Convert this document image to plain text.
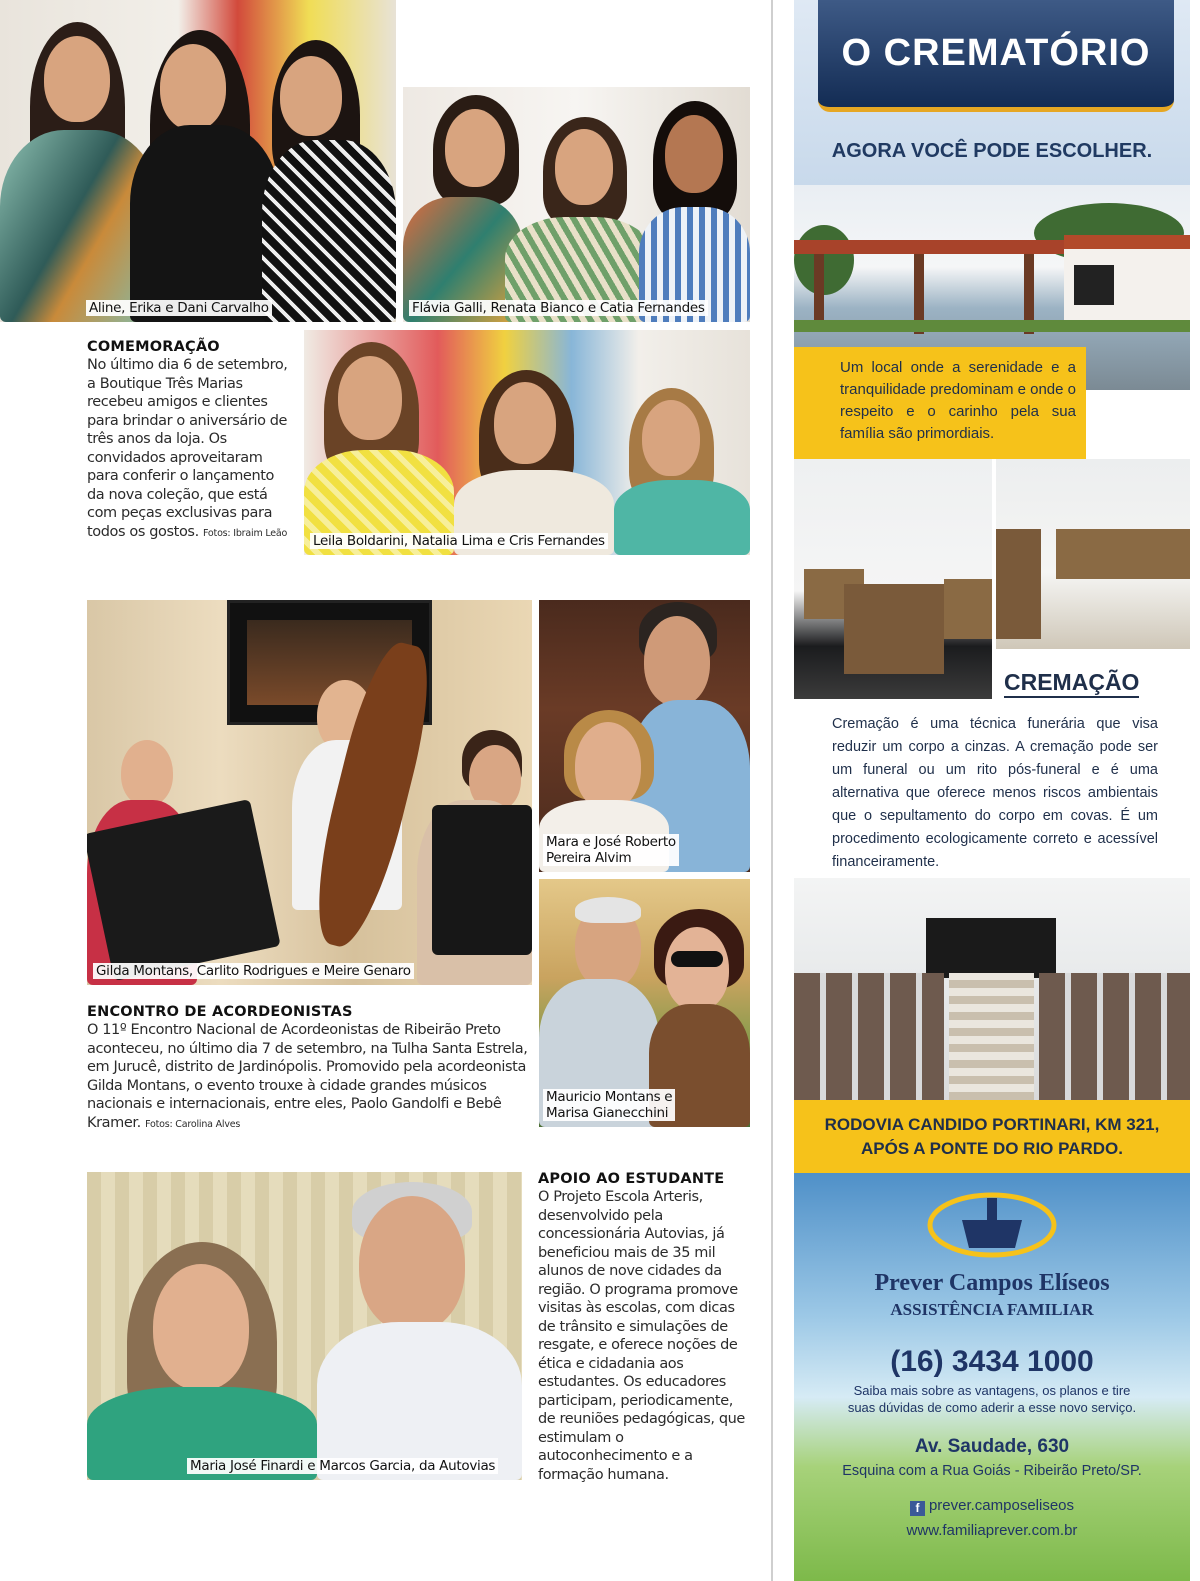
Aline, Erika e Dani Carvalho	Flávia Galli, Renata Bianco e Catia Fernandes
COMEMORAÇÃO

No último dia 6 de setembro, a Boutique Três Marias recebeu amigos e clientes para brindar o aniversário de três anos da loja. Os convidados aproveitaram para conferir o lançamento da nova coleção, que está com peças exclusivas para todos os gostos. Fotos: Ibraim Leão	Leila Boldarini, Natalia Lima e Cris Fernandes
Gilda Montans, Carlito Rodrigues e Meire Genaro
Mara e José Roberto
Pereira Alvim
Mauricio Montans e
Marisa Gianecchini
ENCONTRO DE ACORDEONISTAS

O 11º Encontro Nacional de Acordeonistas de Ribeirão Preto aconteceu, no último dia 7 de setembro, na Tulha Santa Estrela, em Jurucê, distrito de Jardinópolis. Promovido pela acordeonista Gilda Montans, o evento trouxe à cidade grandes músicos nacionais e internacionais, entre eles, Paolo Gandolfi e Bebê Kramer. Fotos: Carolina Alves

Maria José Finardi e Marcos Garcia, da Autovias
APOIO AO ESTUDANTE

O Projeto Escola Arteris, desenvolvido pela concessionária Autovias, já beneficiou mais de 35 mil alunos de nove cidades da região. O programa promove visitas às escolas, com dicas de trânsito e simulações de resgate, e oferece noções de ética e cidadania aos estudantes. Os educadores participam, periodicamente, de reuniões pedagógicas, que estimulam o autoconhecimento e a formação humana.

O CREMATÓRIO
AGORA VOCÊ PODE ESCOLHER.
Um local onde a serenidade e a tranquilidade predominam e onde o respeito e o carinho pela sua família são primordiais.
CREMAÇÃO
Cremação é uma técnica funerária que visa reduzir um corpo a cinzas. A cremação pode ser um funeral ou um rito pós-funeral e é uma alternativa que oferece menos riscos ambientais que o sepultamento do corpo em covas. É um procedimento ecologicamente correto e acessível financeiramente.
RODOVIA CANDIDO PORTINARI, KM 321,
APÓS A PONTE DO RIO PARDO.
Prever Campos Elíseos
ASSISTÊNCIA FAMILIAR
(16) 3434 1000
Saiba mais sobre as vantagens, os planos e tire
suas dúvidas de como aderir a esse novo serviço.
Av. Saudade, 630
Esquina com a Rua Goiás - Ribeirão Preto/SP.
f prever.camposeliseos
www.familiaprever.com.br
